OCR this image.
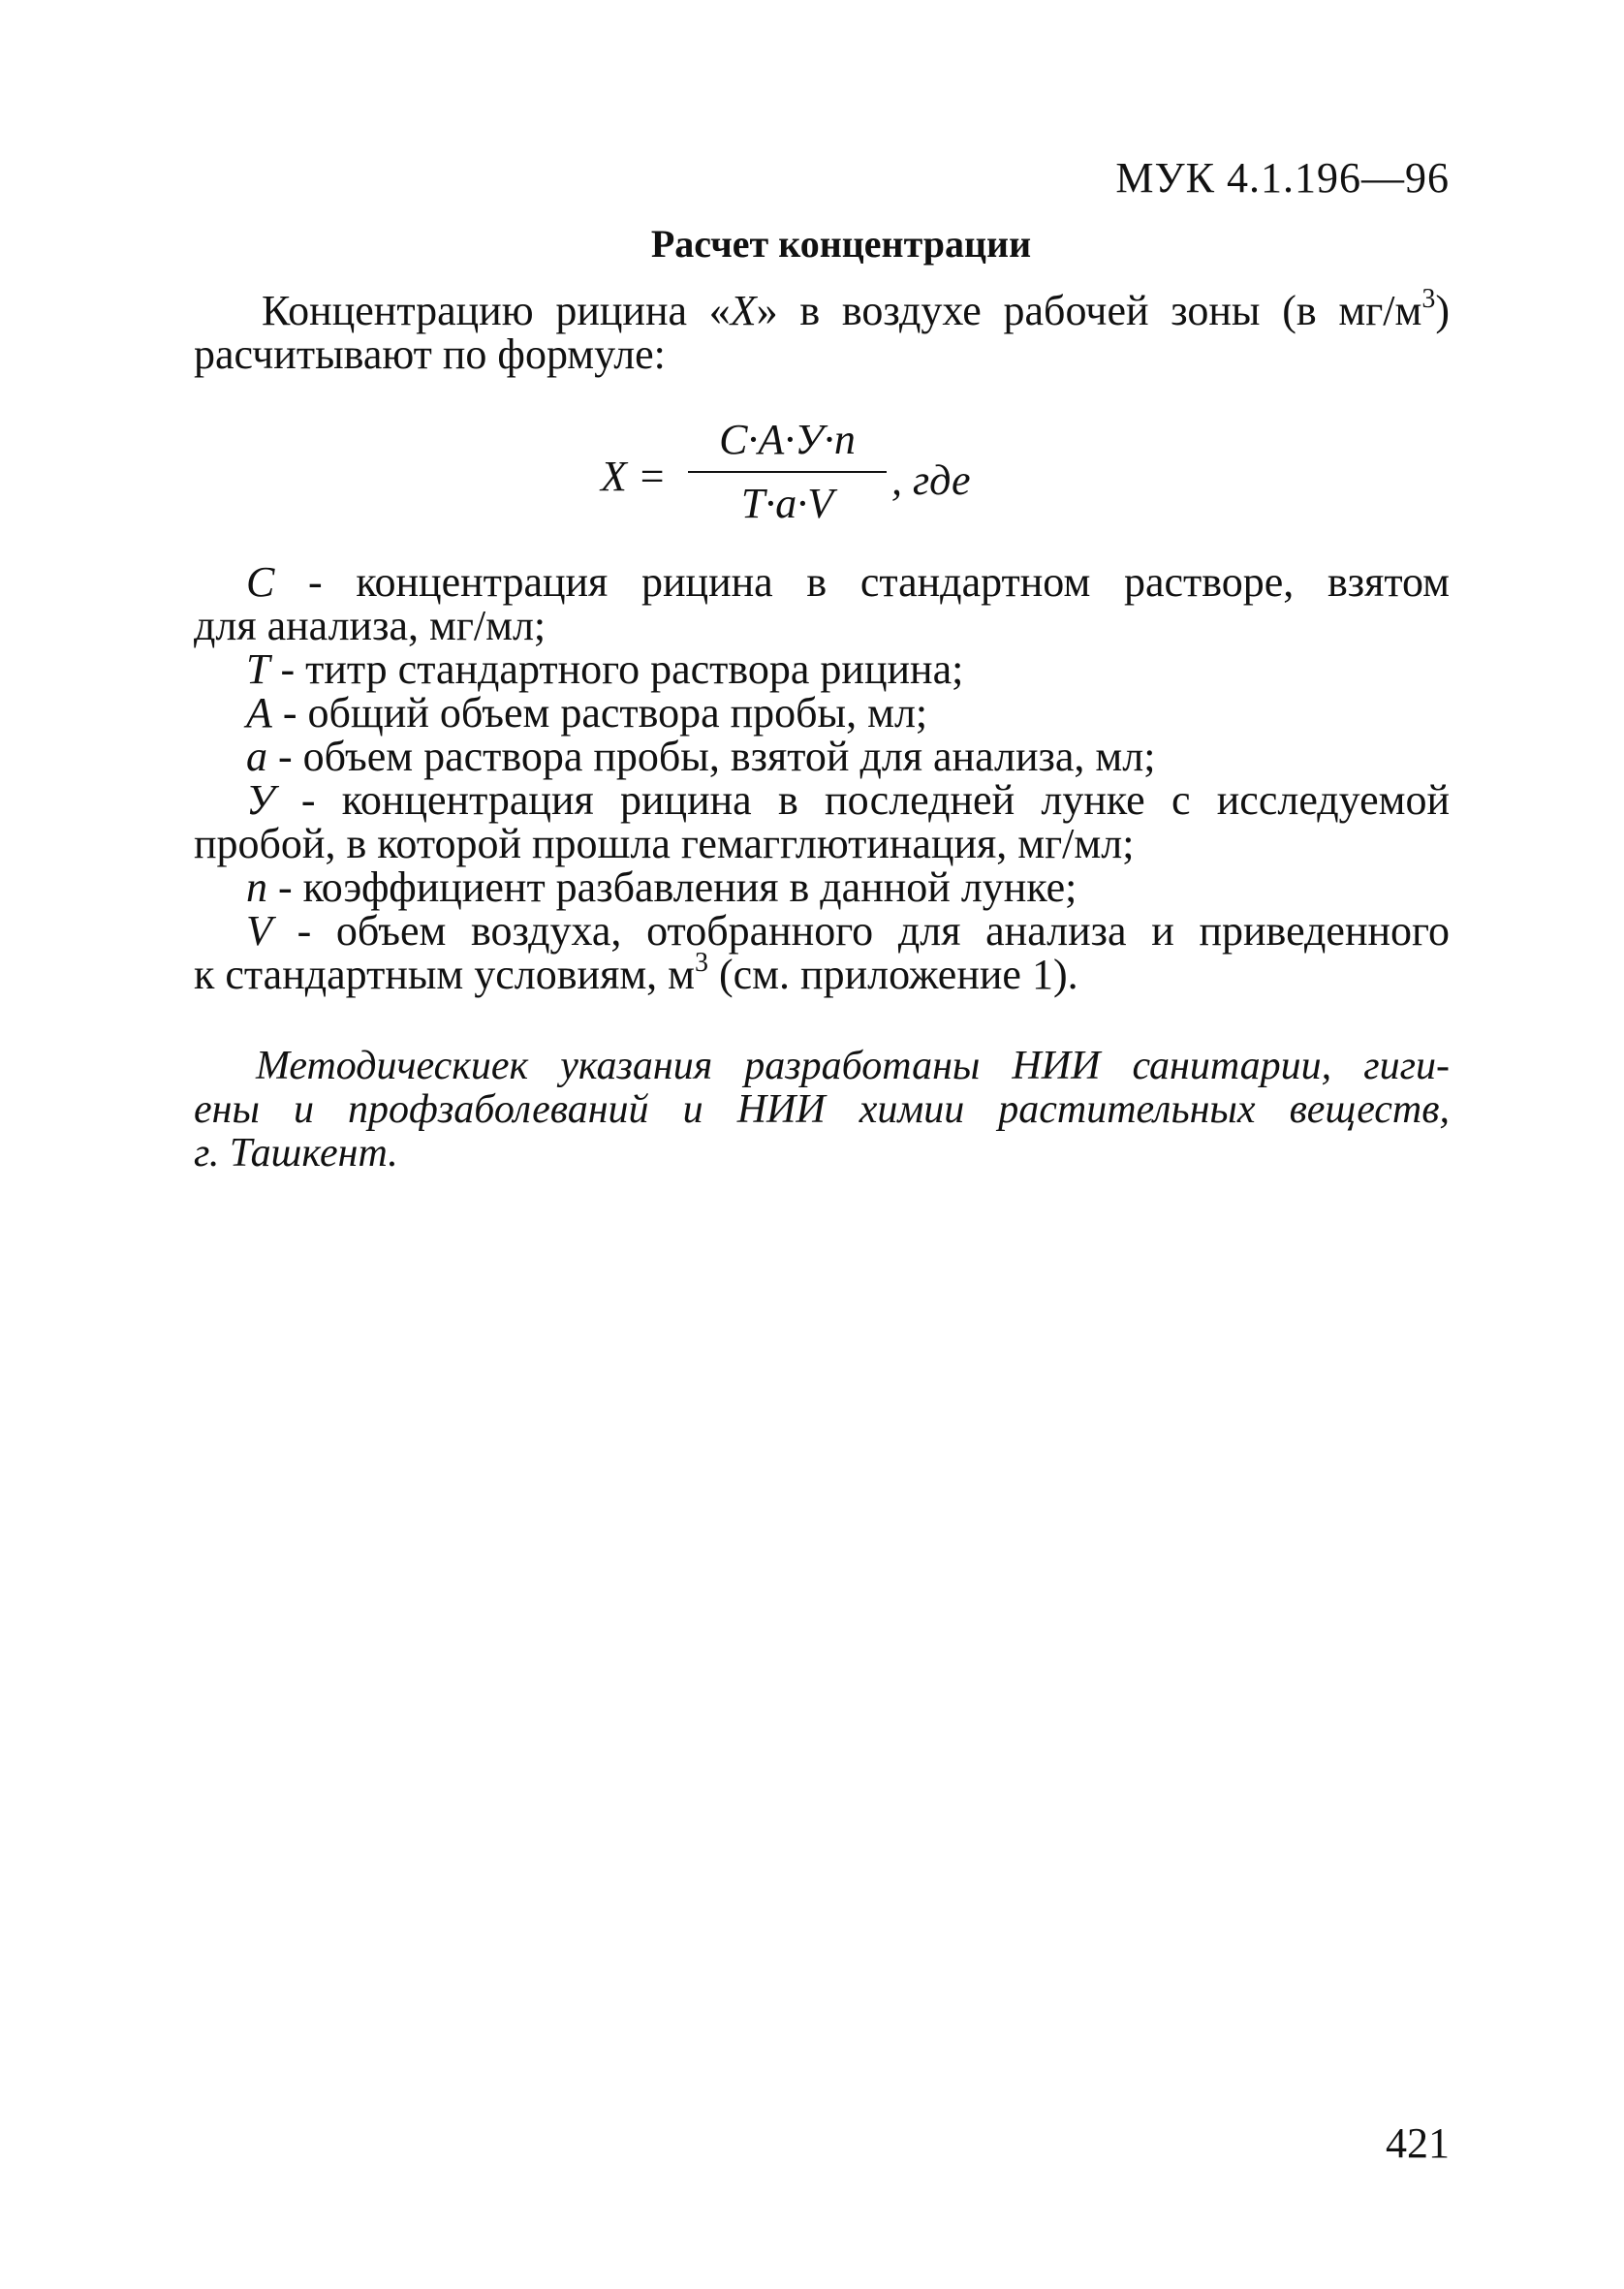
МУК 4.1.196—96
Расчет концентрации
Концентрацию рицина «X» в воздухе рабочей зоны (в $мг/м^3$)
расчитывают по формуле:
X =
C·A·У·n
T·a·V	, где
C - концентрация рицина в стандартном растворе, взятом
для анализа, мг/мл;
T - титр стандартного раствора рицина;
A - общий объем раствора пробы, мл;
a - объем раствора пробы, взятой для анализа, мл;
У - концентрация рицина в последней лунке с исследуемой
пробой, в которой прошла гемагглютинация, мг/мл;
n - коэффициент разбавления в данной лунке;
V - объем воздуха, отобранного для анализа и приведенного
к стандартным условиям, $м^3$ (см. приложение 1).
Методическиек указания разработаны НИИ санитарии, гиги-
ены и профзаболеваний и НИИ химии растительных веществ,
г. Ташкент.
421
